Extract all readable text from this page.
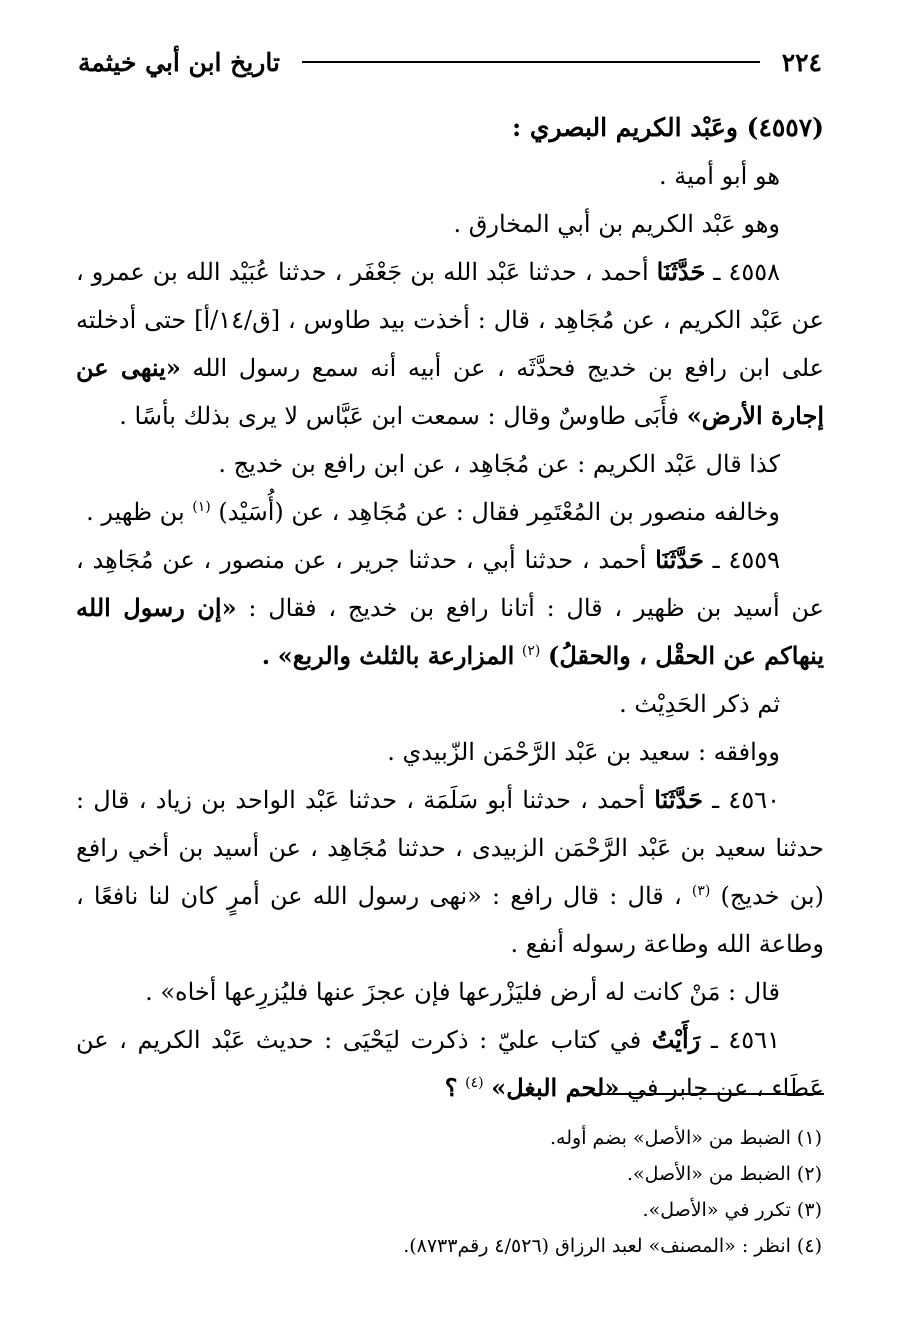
٢٢٤
تاريخ ابن أبي خيثمة

(٤٥٥٧) وعَبْد الكريم البصري :

هو أبو أمية .

وهو عَبْد الكريم بن أبي المخارق .

٤٥٥٨ ـ حَدَّثَنَا أحمد ، حدثنا عَبْد الله بن جَعْفَر ، حدثنا عُبَيْد الله بن عمرو ، عن عَبْد الكريم ، عن مُجَاهِد ، قال : أخذت بيد طاوس ، [ق/١٤/أ] حتى أدخلته على ابن رافع بن خديج فحدَّثَه ، عن أبيه أنه سمع رسول الله «ينهى عن إجارة الأرض» فأَبَى طاوسٌ وقال : سمعت ابن عَبَّاس لا يرى بذلك بأسًا .

كذا قال عَبْد الكريم : عن مُجَاهِد ، عن ابن رافع بن خديج .

وخالفه منصور بن المُعْتَمِر فقال : عن مُجَاهِد ، عن (أُسَيْد) $^{(١)}$ بن ظهير .

٤٥٥٩ ـ حَدَّثَنَا أحمد ، حدثنا أبي ، حدثنا جرير ، عن منصور ، عن مُجَاهِد ، عن أسيد بن ظهير ، قال : أتانا رافع بن خديج ، فقال : «إن رسول الله ينهاكم عن الحقْل ، والحقلُ) $^{(٢)}$ المزارعة بالثلث والربع» .

ثم ذكر الحَدِيْث .

ووافقه : سعيد بن عَبْد الرَّحْمَن الزّبيدي .

٤٥٦٠ ـ حَدَّثَنَا أحمد ، حدثنا أبو سَلَمَة ، حدثنا عَبْد الواحد بن زياد ، قال : حدثنا سعيد بن عَبْد الرَّحْمَن الزبيدى ، حدثنا مُجَاهِد ، عن أسيد بن أخي رافع (بن خديج) $^{(٣)}$ ، قال : قال رافع : «نهى رسول الله عن أمرٍ كان لنا نافعًا ، وطاعة الله وطاعة رسوله أنفع .

قال : مَنْ كانت له أرض فليَزْرعها فإن عجزَ عنها فليُزرِعها أخاه» .

٤٥٦١ ـ رَأَيْتُ في كتاب عليّ : ذكرت ليَحْيَى : حديث عَبْد الكريم ، عن عَطَاء ، عن جابر في «لحم البغل» $^{(٤)}$ ؟

(١) الضبط من «الأصل» بضم أوله.

(٢) الضبط من «الأصل».

(٣) تكرر في «الأصل».

(٤) انظر : «المصنف» لعبد الرزاق (٤/٥٢٦ رقم٨٧٣٣).
